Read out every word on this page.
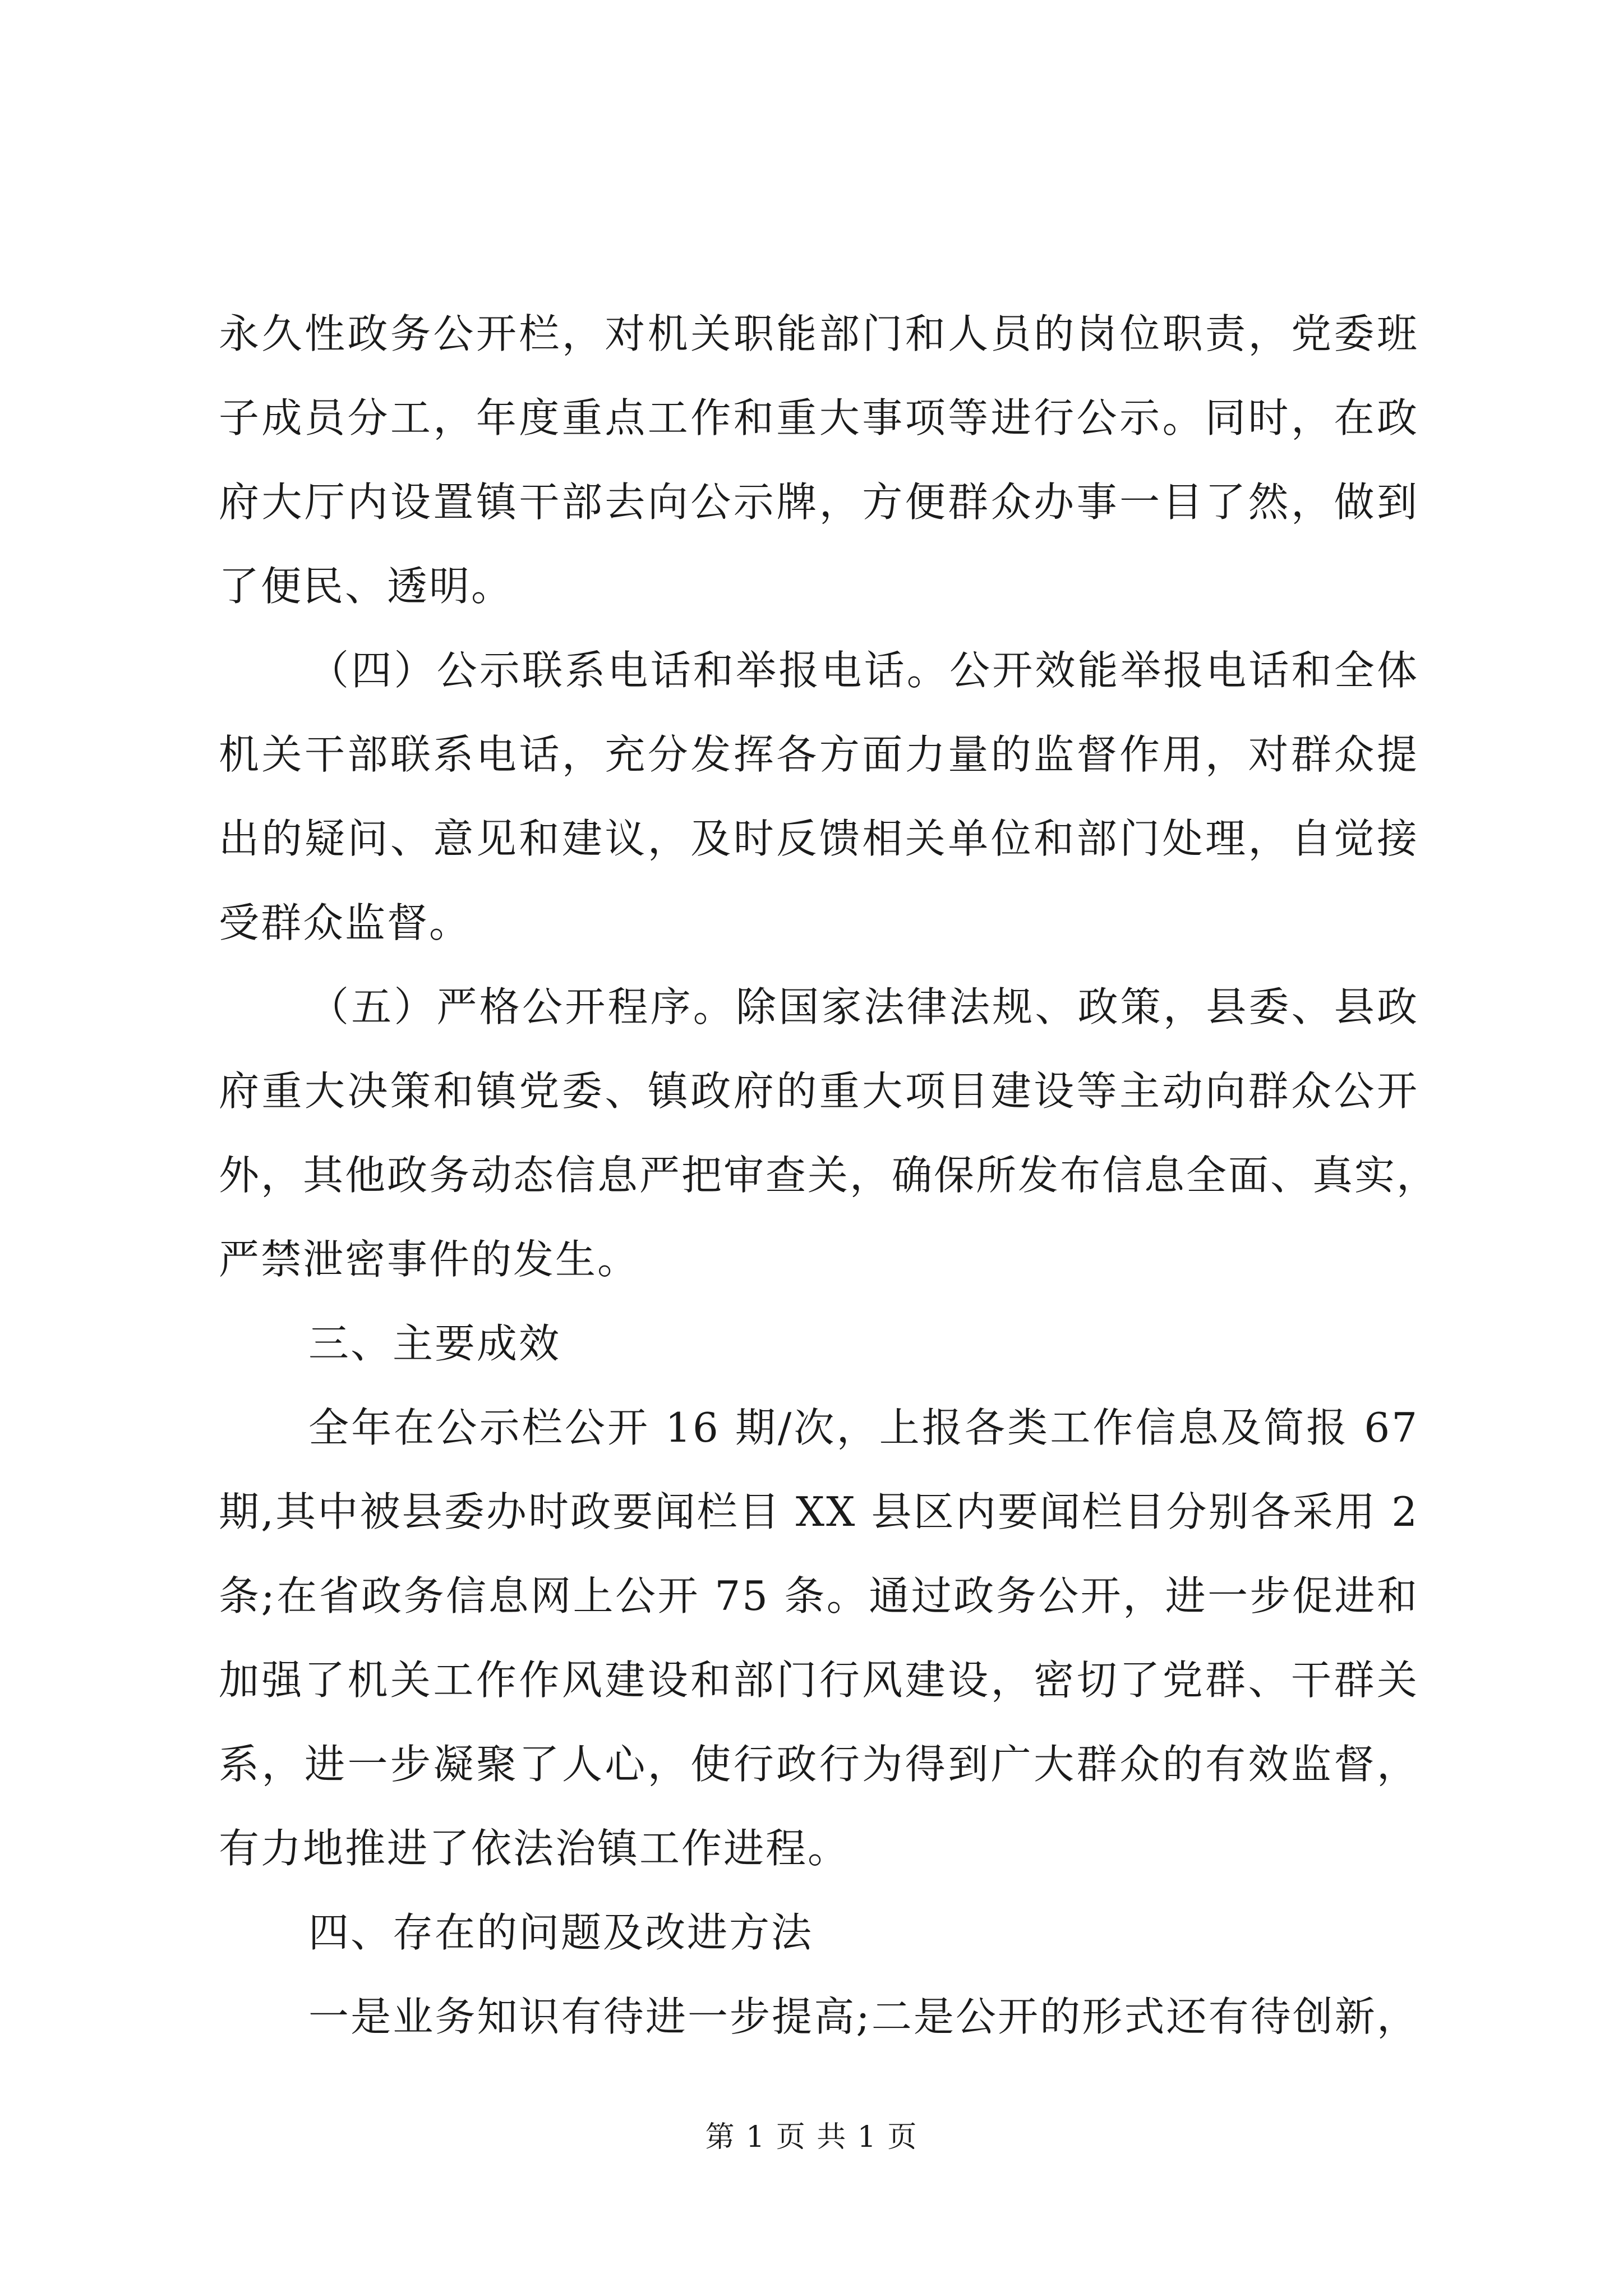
永久性政务公开栏，对机关职能部门和人员的岗位职责，党委班
子成员分工，年度重点工作和重大事项等进行公示。同时，在政
府大厅内设置镇干部去向公示牌，方便群众办事一目了然，做到
了便民、透明。
（四）公示联系电话和举报电话。公开效能举报电话和全体
机关干部联系电话，充分发挥各方面力量的监督作用，对群众提
出的疑问、意见和建议，及时反馈相关单位和部门处理，自觉接
受群众监督。
（五）严格公开程序。除国家法律法规、政策，县委、县政
府重大决策和镇党委、镇政府的重大项目建设等主动向群众公开
外，其他政务动态信息严把审查关，确保所发布信息全面、真实，
严禁泄密事件的发生。
三、主要成效
全年在公示栏公开 16 期/次，上报各类工作信息及简报 67
期,其中被县委办时政要闻栏目 XX 县区内要闻栏目分别各采用 2
条;在省政务信息网上公开 75 条。通过政务公开，进一步促进和
加强了机关工作作风建设和部门行风建设，密切了党群、干群关
系，进一步凝聚了人心，使行政行为得到广大群众的有效监督，
有力地推进了依法治镇工作进程。
四、存在的问题及改进方法
一是业务知识有待进一步提高;二是公开的形式还有待创新，
第 1 页 共 1 页
